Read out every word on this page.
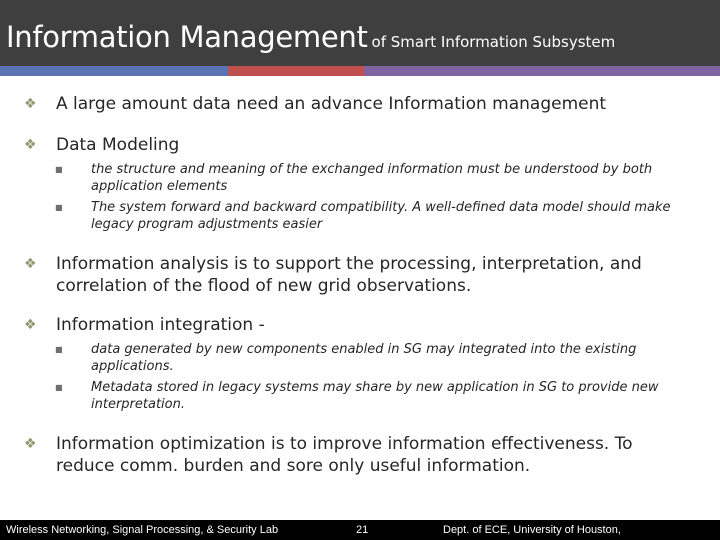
Information Management of Smart Information Subsystem
❖	A large amount data need an advance Information management
❖	Data Modeling
■	the structure and meaning of the exchanged information must be understood by both application elements
■	The system forward and backward compatibility. A well-defined data model should make legacy program adjustments easier
❖	Information analysis is to support the processing, interpretation, and correlation of the flood of new grid observations.
❖	Information integration -
■	data generated by new components enabled in SG may integrated into the existing applications.
■	Metadata stored in legacy systems may share by new application in SG to provide new interpretation.
❖	Information optimization is to improve information effectiveness. To reduce comm. burden and sore only useful information.
Wireless Networking, Signal Processing, & Security Lab	21	Dept. of ECE, University of Houston,
